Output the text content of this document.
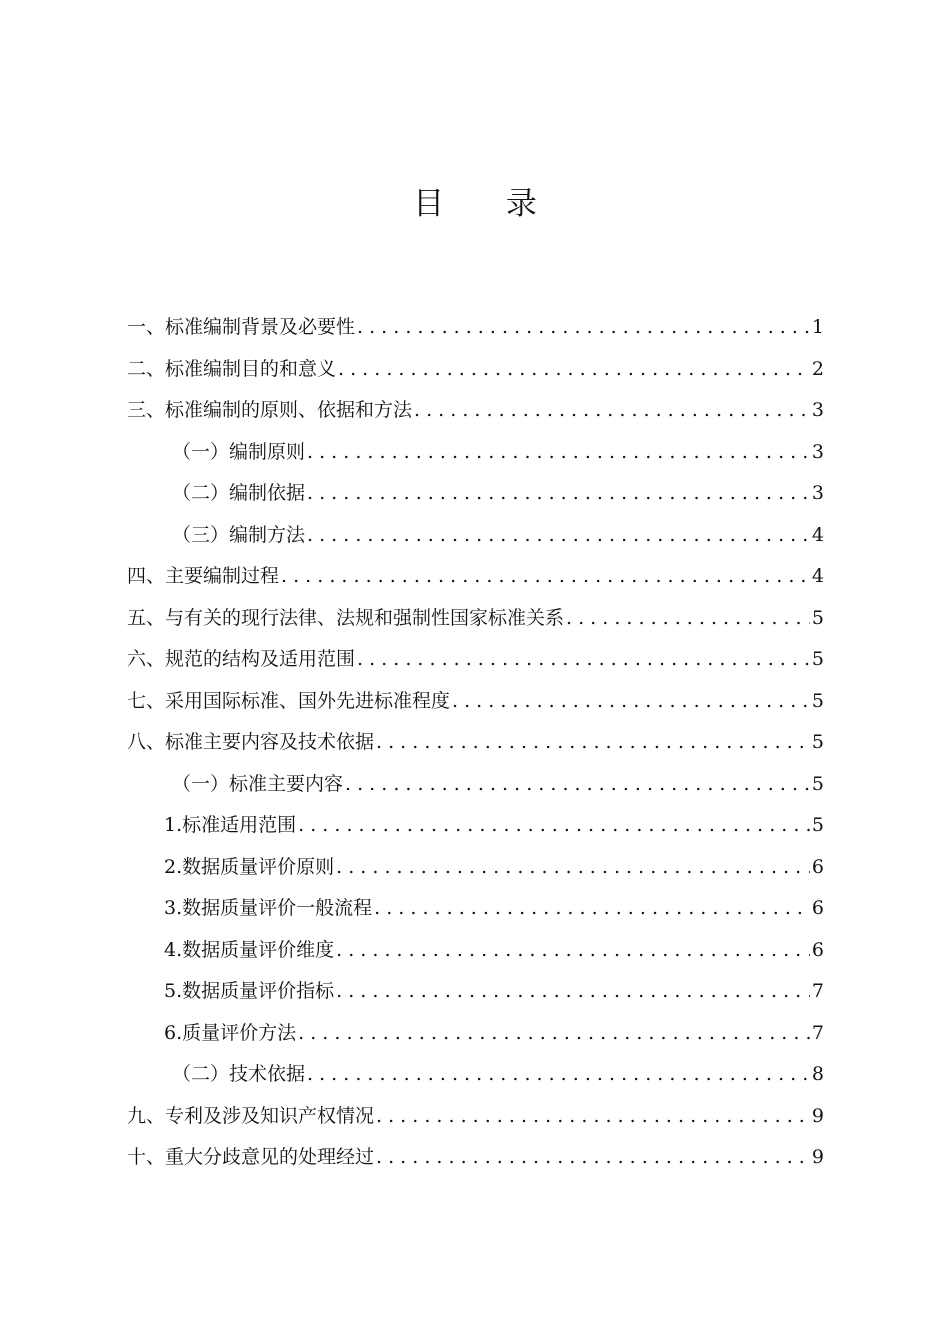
目 录
一、标准编制背景及必要性 . . .	1
二、标准编制目的和意义 . . .	2
三、标准编制的原则、依据和方法 . . .	3
（一）编制原则 . . .	3
（二）编制依据 . . .	3
（三）编制方法 . . .	4
四、主要编制过程 . . .	4
五、与有关的现行法律、法规和强制性国家标准关系 . . .	5
六、规范的结构及适用范围 . . .	5
七、采用国际标准、国外先进标准程度 . . .	5
八、标准主要内容及技术依据 . . .	5
（一）标准主要内容 . . .	5
1.标准适用范围 . . .	5
2.数据质量评价原则 . . .	6
3.数据质量评价一般流程 . . .	6
4.数据质量评价维度 . . .	6
5.数据质量评价指标 . . .	7
6.质量评价方法 . . .	7
（二）技术依据 . . .	8
九、专利及涉及知识产权情况 . . .	9
十、重大分歧意见的处理经过 . . .	9
